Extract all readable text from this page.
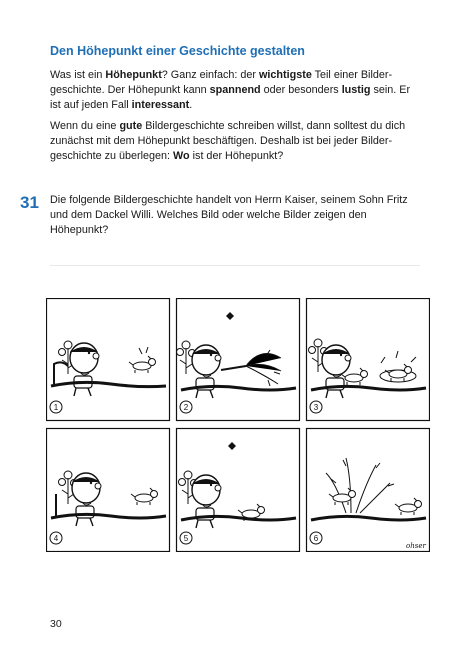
Den Höhepunkt einer Geschichte gestalten
Was ist ein Höhepunkt? Ganz einfach: der wichtigste Teil einer Bildergeschichte. Der Höhepunkt kann spannend oder besonders lustig sein. Er ist auf jeden Fall interessant.
Wenn du eine gute Bildergeschichte schreiben willst, dann solltest du dich zunächst mit dem Höhepunkt beschäftigen. Deshalb ist bei jeder Bildergeschichte zu überlegen: Wo ist der Höhepunkt?
31 Die folgende Bildergeschichte handelt von Herrn Kaiser, seinem Sohn Fritz und dem Dackel Willi. Welches Bild oder welche Bilder zeigen den Höhepunkt?
1	2	3
4	5	6
ohser
30
